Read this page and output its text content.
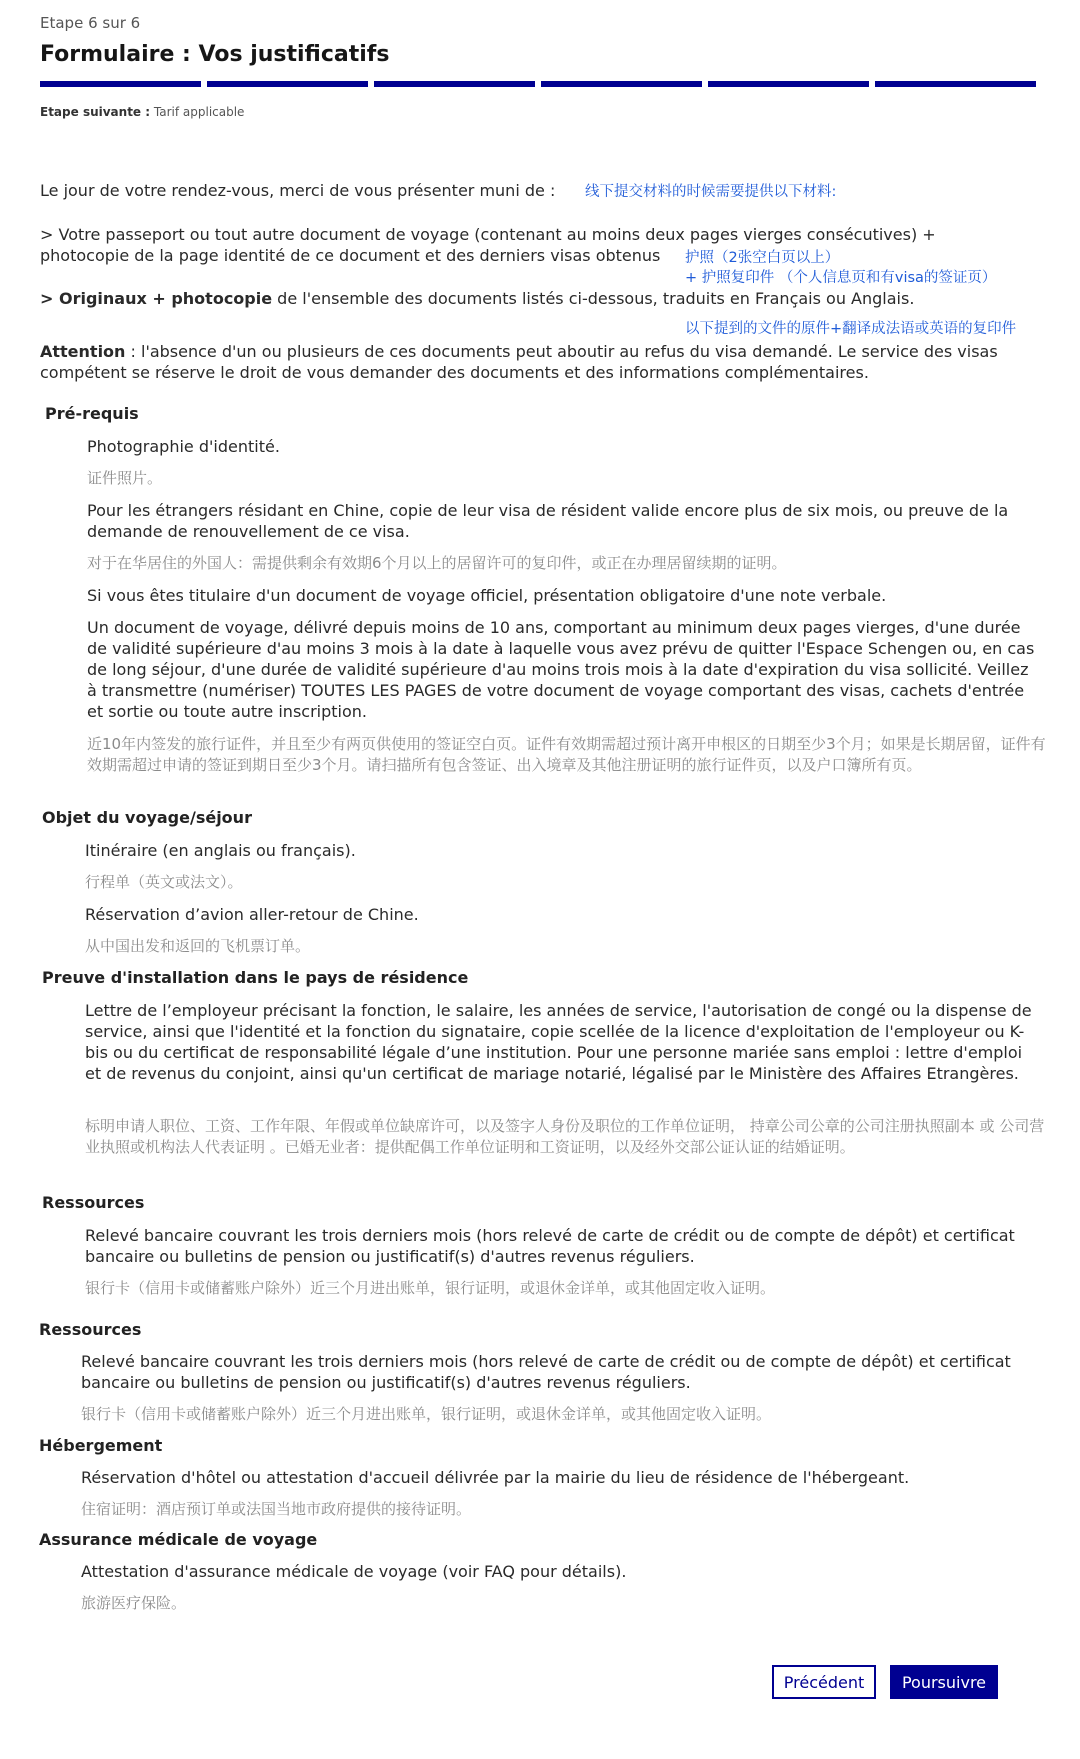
Etape 6 sur 6
Formulaire : Vos justificatifs
Etape suivante : Tarif applicable
Le jour de votre rendez-vous, merci de vous présenter muni de :	线下提交材料的时候需要提供以下材料:
> Votre passeport ou tout autre document de voyage (contenant au moins deux pages vierges consécutives) + photocopie de la page identité de ce document et des derniers visas obtenus	护照（2张空白页以上）
+ 护照复印件 （个人信息页和有visa的签证页）
> Originaux + photocopie de l'ensemble des documents listés ci-dessous, traduits en Français ou Anglais.
以下提到的文件的原件+翻译成法语或英语的复印件
Attention : l'absence d'un ou plusieurs de ces documents peut aboutir au refus du visa demandé. Le service des visas compétent se réserve le droit de vous demander des documents et des informations complémentaires.
Pré-requis
Photographie d'identité.
证件照片。
Pour les étrangers résidant en Chine, copie de leur visa de résident valide encore plus de six mois, ou preuve de la demande de renouvellement de ce visa.
对于在华居住的外国人：需提供剩余有效期6个月以上的居留许可的复印件，或正在办理居留续期的证明。
Si vous êtes titulaire d'un document de voyage officiel, présentation obligatoire d'une note verbale.
Un document de voyage, délivré depuis moins de 10 ans, comportant au minimum deux pages vierges, d'une durée de validité supérieure d'au moins 3 mois à la date à laquelle vous avez prévu de quitter l'Espace Schengen ou, en cas de long séjour, d'une durée de validité supérieure d'au moins trois mois à la date d'expiration du visa sollicité. Veillez à transmettre (numériser) TOUTES LES PAGES de votre document de voyage comportant des visas, cachets d'entrée et sortie ou toute autre inscription.
近10年内签发的旅行证件，并且至少有两页供使用的签证空白页。证件有效期需超过预计离开申根区的日期至少3个月；如果是长期居留，证件有效期需超过申请的签证到期日至少3个月。请扫描所有包含签证、出入境章及其他注册证明的旅行证件页，以及户口簿所有页。
Objet du voyage/séjour
Itinéraire (en anglais ou français).
行程单（英文或法文）。
Réservation d’avion aller-retour de Chine.
从中国出发和返回的飞机票订单。
Preuve d'installation dans le pays de résidence
Lettre de l’employeur précisant la fonction, le salaire, les années de service, l'autorisation de congé ou la dispense de service, ainsi que l'identité et la fonction du signataire, copie scellée de la licence d'exploitation de l'employeur ou K-bis ou du certificat de responsabilité légale d’une institution. Pour une personne mariée sans emploi : lettre d'emploi et de revenus du conjoint, ainsi qu'un certificat de mariage notarié, légalisé par le Ministère des Affaires Etrangères.
标明申请人职位、工资、工作年限、年假或单位缺席许可，以及签字人身份及职位的工作单位证明， 持章公司公章的公司注册执照副本 或 公司营业执照或机构法人代表证明 。已婚无业者：提供配偶工作单位证明和工资证明，以及经外交部公证认证的结婚证明。
Ressources
Relevé bancaire couvrant les trois derniers mois (hors relevé de carte de crédit ou de compte de dépôt) et certificat bancaire ou bulletins de pension ou justificatif(s) d'autres revenus réguliers.
银行卡（信用卡或储蓄账户除外）近三个月进出账单，银行证明，或退休金详单，或其他固定收入证明。
Ressources
Relevé bancaire couvrant les trois derniers mois (hors relevé de carte de crédit ou de compte de dépôt) et certificat bancaire ou bulletins de pension ou justificatif(s) d'autres revenus réguliers.
银行卡（信用卡或储蓄账户除外）近三个月进出账单，银行证明，或退休金详单，或其他固定收入证明。
Hébergement
Réservation d'hôtel ou attestation d'accueil délivrée par la mairie du lieu de résidence de l'hébergeant.
住宿证明：酒店预订单或法国当地市政府提供的接待证明。
Assurance médicale de voyage
Attestation d'assurance médicale de voyage (voir FAQ pour détails).
旅游医疗保险。
Précédent	Poursuivre
